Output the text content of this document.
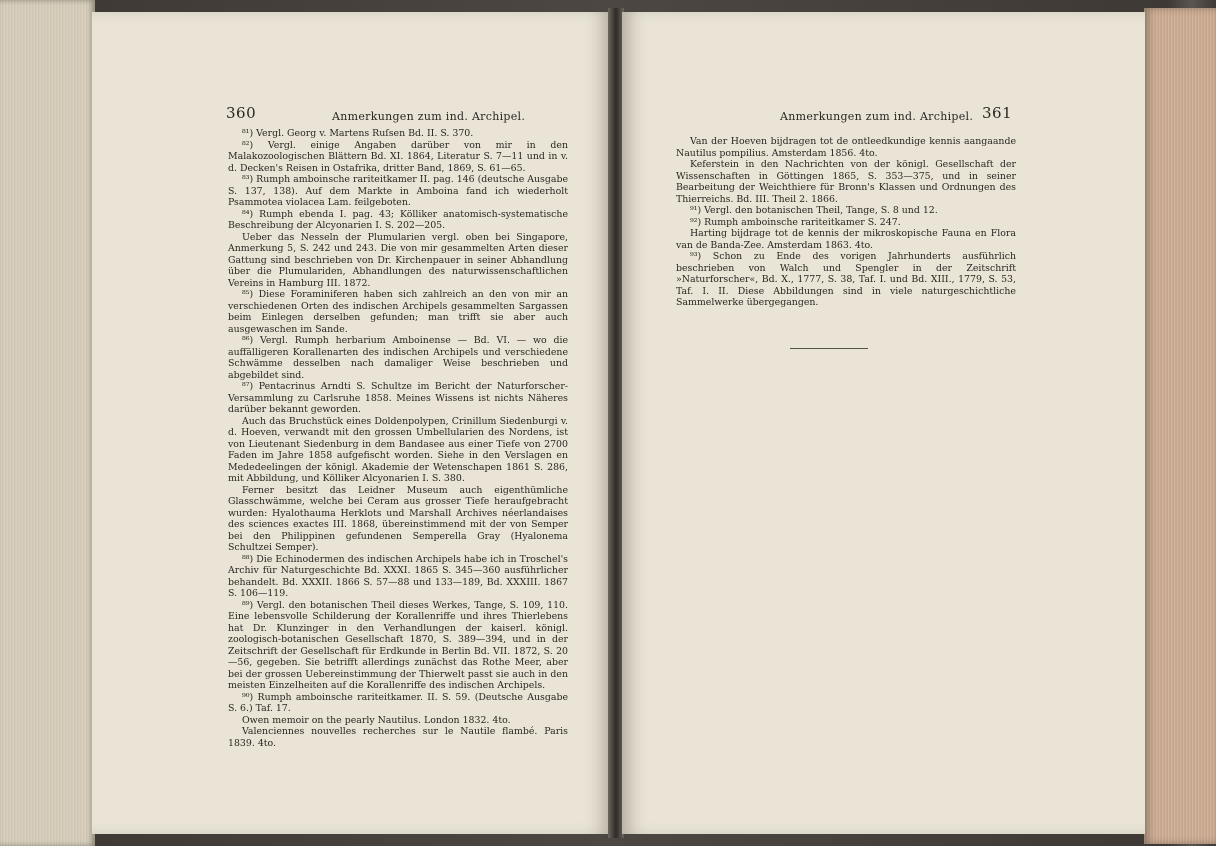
360	Anmerkungen zum ind. Archipel.

⁸¹) Vergl. Georg v. Martens Ruſsen Bd. II. S. 370.

⁸²) Vergl. einige Angaben darüber von mir in den Malakozoologischen Blättern Bd. XI. 1864, Literatur S. 7—11 und in v. d. Decken's Reisen in Ostafrika, dritter Band, 1869, S. 61—65.

⁸³) Rumph amboinsche rariteitkamer II. pag. 146 (deutsche Ausgabe S. 137, 138). Auf dem Markte in Amboina fand ich wiederholt Psammotea violacea Lam. feilgeboten.

⁸⁴) Rumph ebenda I. pag. 43; Kölliker anatomisch-systematische Beschreibung der Alcyonarien I. S. 202—205.

Ueber das Nesseln der Plumularien vergl. oben bei Singapore, Anmerkung 5, S. 242 und 243. Die von mir gesammelten Arten dieser Gattung sind beschrieben von Dr. Kirchenpauer in seiner Abhandlung über die Plumulariden, Abhandlungen des naturwissenschaftlichen Vereins in Hamburg III. 1872.

⁸⁵) Diese Foraminiferen haben sich zahlreich an den von mir an verschiedenen Orten des indischen Archipels gesammelten Sargassen beim Einlegen derselben gefunden; man trifft sie aber auch ausgewaschen im Sande.

⁸⁶) Vergl. Rumph herbarium Amboinense — Bd. VI. — wo die auffälligeren Korallenarten des indischen Archipels und verschiedene Schwämme desselben nach damaliger Weise beschrieben und abgebildet sind.

⁸⁷) Pentacrinus Arndti S. Schultze im Bericht der Naturforscher-Versammlung zu Carlsruhe 1858. Meines Wissens ist nichts Näheres darüber bekannt geworden.

Auch das Bruchstück eines Doldenpolypen, Crinillum Siedenburgi v. d. Hoeven, verwandt mit den grossen Umbellularien des Nordens, ist von Lieutenant Siedenburg in dem Bandasee aus einer Tiefe von 2700 Faden im Jahre 1858 aufgefischt worden. Siehe in den Verslagen en Mededeelingen der königl. Akademie der Wetenschapen 1861 S. 286, mit Abbildung, und Kölliker Alcyonarien I. S. 380.

Ferner besitzt das Leidner Museum auch eigenthümliche Glasschwämme, welche bei Ceram aus grosser Tiefe heraufgebracht wurden: Hyalothauma Herklots und Marshall Archives néerlandaises des sciences exactes III. 1868, übereinstimmend mit der von Semper bei den Philippinen gefundenen Semperella Gray (Hyalonema Schultzei Semper).

⁸⁸) Die Echinodermen des indischen Archipels habe ich in Troschel's Archiv für Naturgeschichte Bd. XXXI. 1865 S. 345—360 ausführlicher behandelt. Bd. XXXII. 1866 S. 57—88 und 133—189, Bd. XXXIII. 1867 S. 106—119.

⁸⁹) Vergl. den botanischen Theil dieses Werkes, Tange, S. 109, 110. Eine lebensvolle Schilderung der Korallenriffe und ihres Thierlebens hat Dr. Klunzinger in den Verhandlungen der kaiserl. königl. zoologisch-botanischen Gesellschaft 1870, S. 389—394, und in der Zeitschrift der Gesellschaft für Erdkunde in Berlin Bd. VII. 1872, S. 20—56, gegeben. Sie betrifft allerdings zunächst das Rothe Meer, aber bei der grossen Uebereinstimmung der Thierwelt passt sie auch in den meisten Einzelheiten auf die Korallenriffe des indischen Archipels.

⁹⁰) Rumph amboinsche rariteitkamer. II. S. 59. (Deutsche Ausgabe S. 6.) Taf. 17.

Owen memoir on the pearly Nautilus. London 1832. 4to.

Valenciennes nouvelles recherches sur le Nautile flambé. Paris 1839. 4to.

Anmerkungen zum ind. Archipel. 361

Van der Hoeven bijdragen tot de ontleedkundige kennis aangaande Nautilus pompilius. Amsterdam 1856. 4to.

Keferstein in den Nachrichten von der königl. Gesellschaft der Wissenschaften in Göttingen 1865, S. 353—375, und in seiner Bearbeitung der Weichthiere für Bronn's Klassen und Ordnungen des Thierreichs. Bd. III. Theil 2. 1866.

⁹¹) Vergl. den botanischen Theil, Tange, S. 8 und 12.

⁹²) Rumph amboinsche rariteitkamer S. 247.

Harting bijdrage tot de kennis der mikroskopische Fauna en Flora van de Banda-Zee. Amsterdam 1863. 4to.

⁹³) Schon zu Ende des vorigen Jahrhunderts ausführlich beschrieben von Walch und Spengler in der Zeitschrift »Naturforscher«, Bd. X., 1777, S. 38, Taf. I. und Bd. XIII., 1779, S. 53, Taf. I. II. Diese Abbildungen sind in viele naturgeschichtliche Sammelwerke übergegangen.
